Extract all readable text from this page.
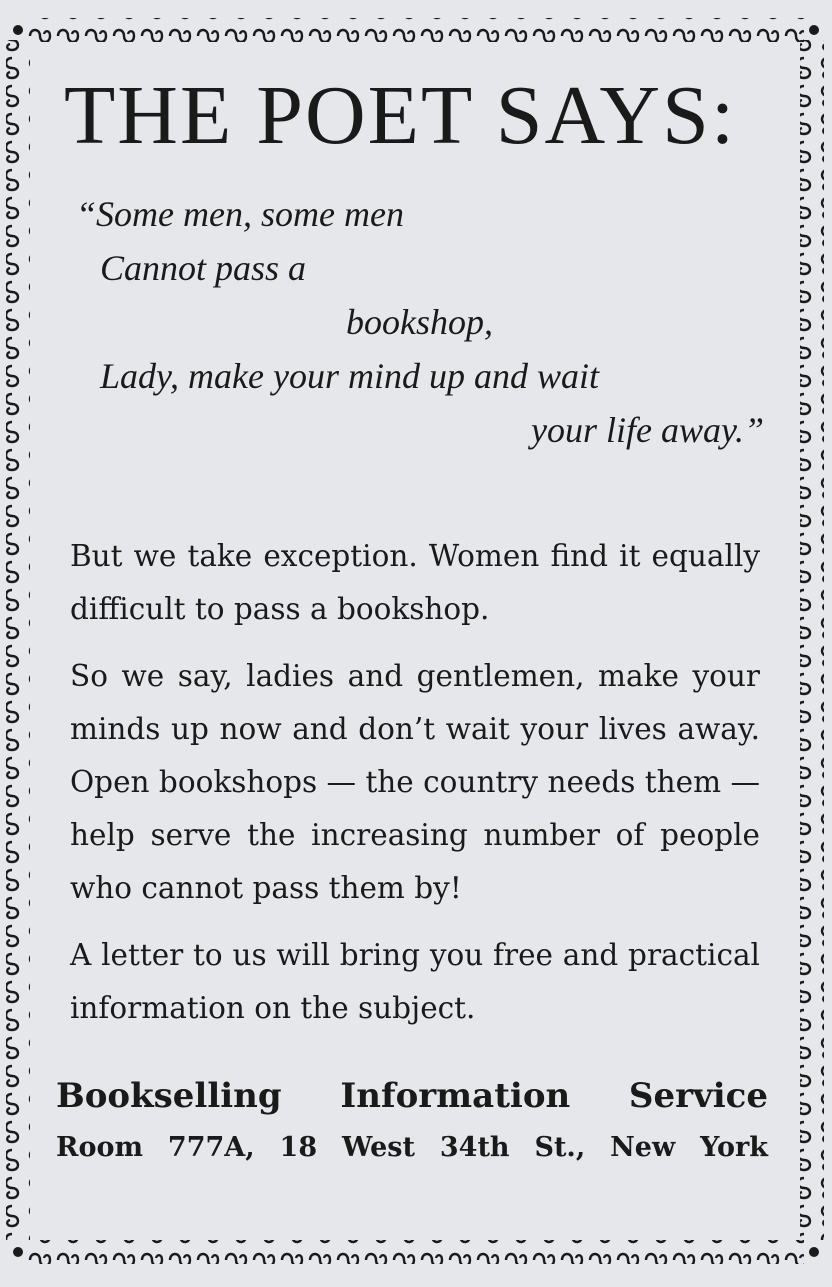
THE POET SAYS:
“Some men, some men
Cannot pass a
bookshop,
Lady, make your mind up and wait
your life away.”

But we take exception. Women find it equally difficult to pass a bookshop.

So we say, ladies and gentlemen, make your minds up now and don’t wait your lives away. Open bookshops — the country needs them — help serve the increasing number of people who cannot pass them by!

A letter to us will bring you free and practical information on the subject.

Bookselling Information Service
Room 777A, 18 West 34th St., New York
